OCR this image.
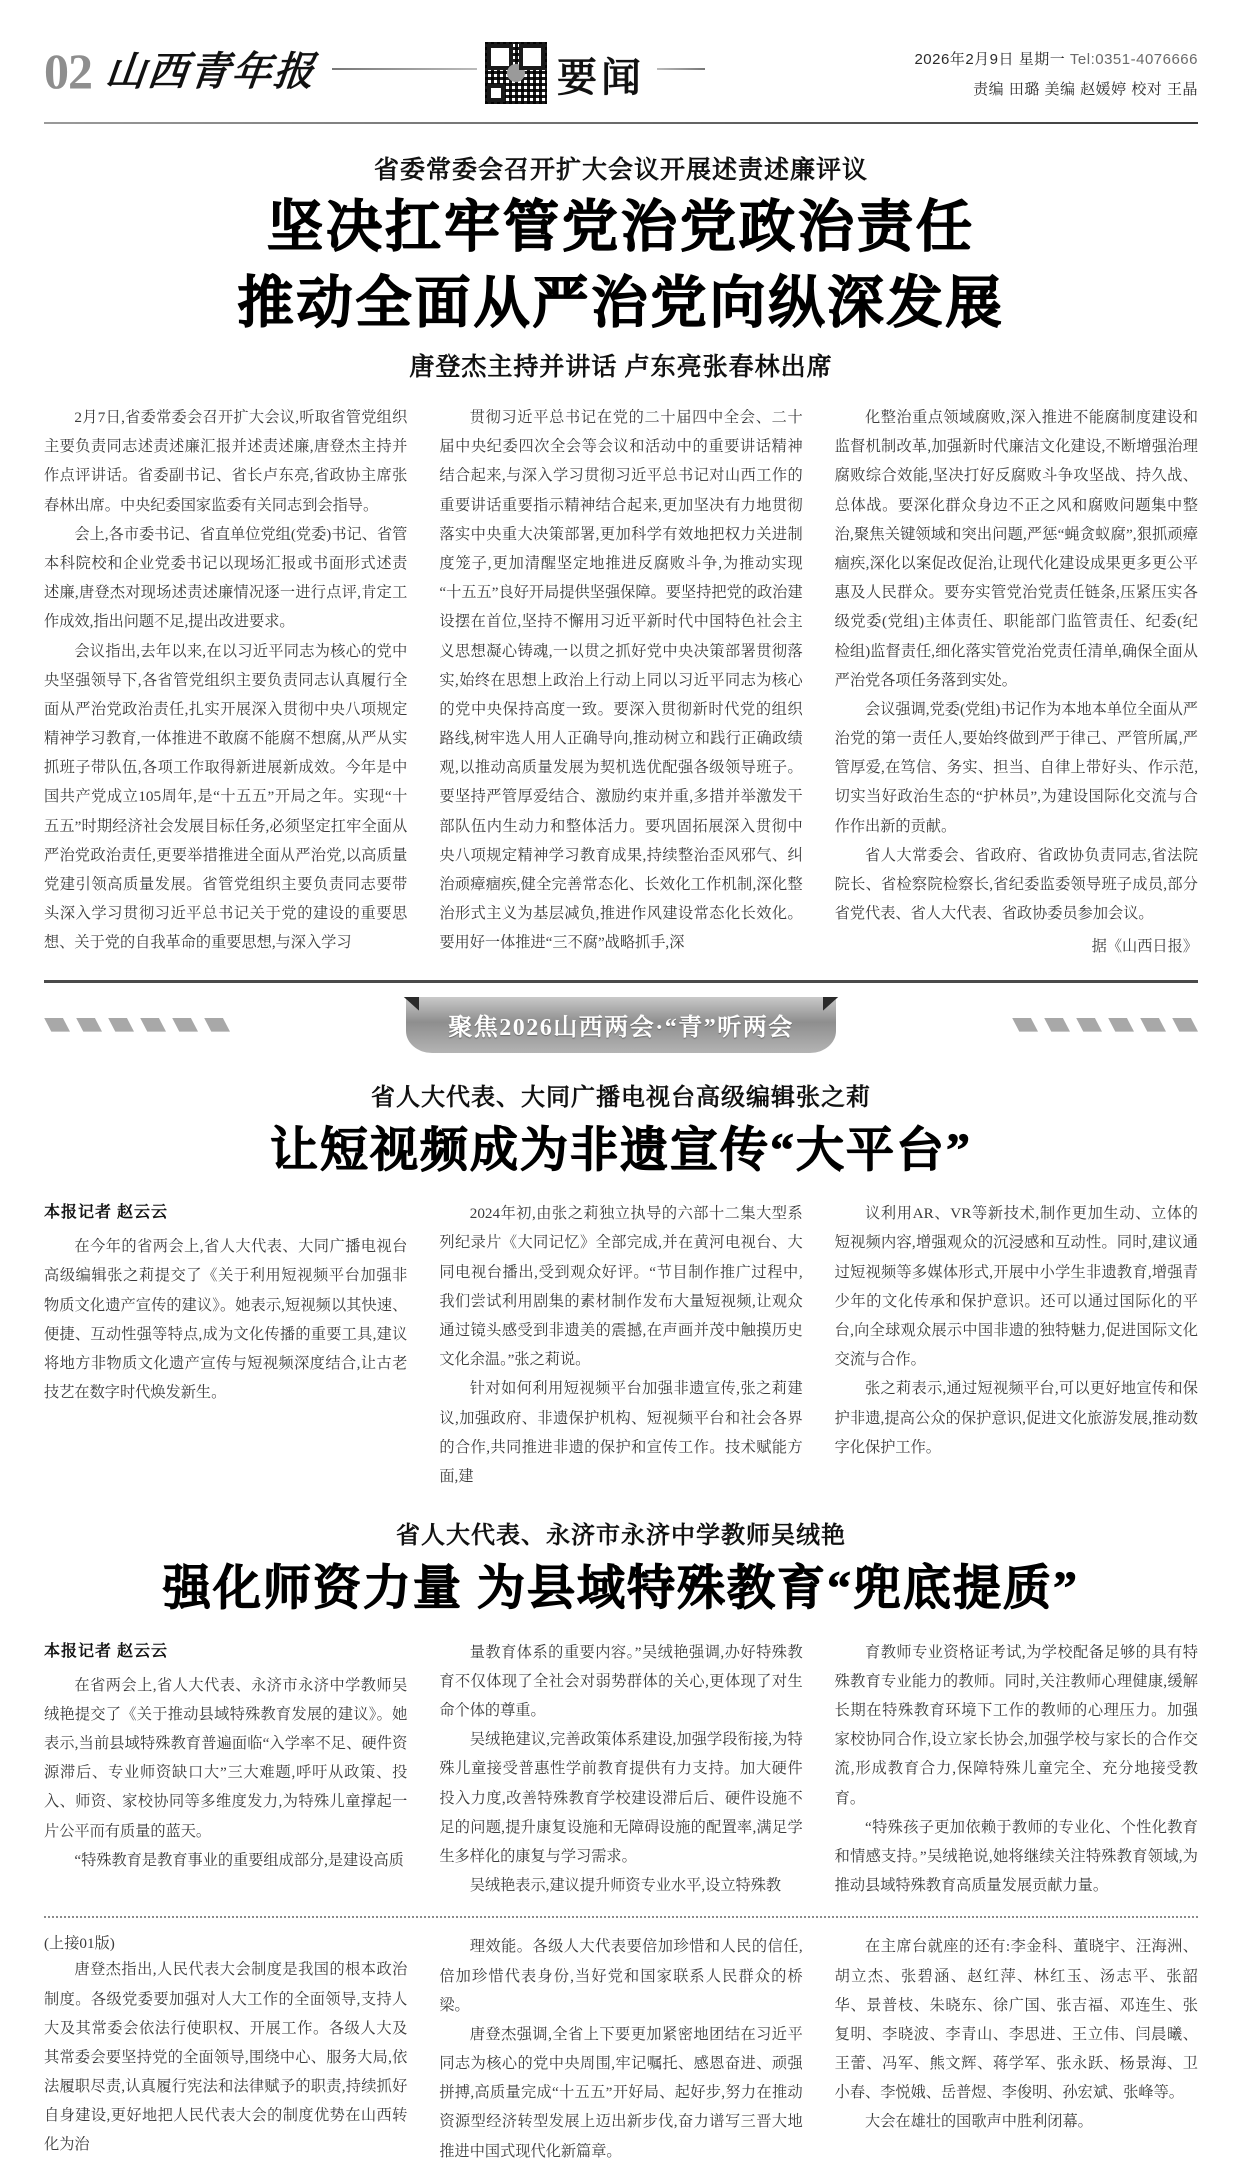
02 山西青年报	要闻	2026年2月9日 星期一 Tel:0351-4076666
责编 田璐 美编 赵媛婷 校对 王晶
省委常委会召开扩大会议开展述责述廉评议
坚决扛牢管党治党政治责任
推动全面从严治党向纵深发展
唐登杰主持并讲话 卢东亮张春林出席

2月7日,省委常委会召开扩大会议,听取省管党组织主要负责同志述责述廉汇报并述责述廉,唐登杰主持并作点评讲话。省委副书记、省长卢东亮,省政协主席张春林出席。中央纪委国家监委有关同志到会指导。

会上,各市委书记、省直单位党组(党委)书记、省管本科院校和企业党委书记以现场汇报或书面形式述责述廉,唐登杰对现场述责述廉情况逐一进行点评,肯定工作成效,指出问题不足,提出改进要求。

会议指出,去年以来,在以习近平同志为核心的党中央坚强领导下,各省管党组织主要负责同志认真履行全面从严治党政治责任,扎实开展深入贯彻中央八项规定精神学习教育,一体推进不敢腐不能腐不想腐,从严从实抓班子带队伍,各项工作取得新进展新成效。今年是中国共产党成立105周年,是“十五五”开局之年。实现“十五五”时期经济社会发展目标任务,必须坚定扛牢全面从严治党政治责任,更要举措推进全面从严治党,以高质量党建引领高质量发展。省管党组织主要负责同志要带头深入学习贯彻习近平总书记关于党的建设的重要思想、关于党的自我革命的重要思想,与深入学习

贯彻习近平总书记在党的二十届四中全会、二十届中央纪委四次全会等会议和活动中的重要讲话精神结合起来,与深入学习贯彻习近平总书记对山西工作的重要讲话重要指示精神结合起来,更加坚决有力地贯彻落实中央重大决策部署,更加科学有效地把权力关进制度笼子,更加清醒坚定地推进反腐败斗争,为推动实现“十五五”良好开局提供坚强保障。要坚持把党的政治建设摆在首位,坚持不懈用习近平新时代中国特色社会主义思想凝心铸魂,一以贯之抓好党中央决策部署贯彻落实,始终在思想上政治上行动上同以习近平同志为核心的党中央保持高度一致。要深入贯彻新时代党的组织路线,树牢选人用人正确导向,推动树立和践行正确政绩观,以推动高质量发展为契机选优配强各级领导班子。要坚持严管厚爱结合、激励约束并重,多措并举激发干部队伍内生动力和整体活力。要巩固拓展深入贯彻中央八项规定精神学习教育成果,持续整治歪风邪气、纠治顽瘴痼疾,健全完善常态化、长效化工作机制,深化整治形式主义为基层减负,推进作风建设常态化长效化。要用好一体推进“三不腐”战略抓手,深

化整治重点领域腐败,深入推进不能腐制度建设和监督机制改革,加强新时代廉洁文化建设,不断增强治理腐败综合效能,坚决打好反腐败斗争攻坚战、持久战、总体战。要深化群众身边不正之风和腐败问题集中整治,聚焦关键领域和突出问题,严惩“蝇贪蚁腐”,狠抓顽瘴痼疾,深化以案促改促治,让现代化建设成果更多更公平惠及人民群众。要夯实管党治党责任链条,压紧压实各级党委(党组)主体责任、职能部门监管责任、纪委(纪检组)监督责任,细化落实管党治党责任清单,确保全面从严治党各项任务落到实处。

会议强调,党委(党组)书记作为本地本单位全面从严治党的第一责任人,要始终做到严于律己、严管所属,严管厚爱,在笃信、务实、担当、自律上带好头、作示范,切实当好政治生态的“护林员”,为建设国际化交流与合作作出新的贡献。

省人大常委会、省政府、省政协负责同志,省法院院长、省检察院检察长,省纪委监委领导班子成员,部分省党代表、省人大代表、省政协委员参加会议。

据《山西日报》
聚焦2026山西两会·“青”听两会
省人大代表、大同广播电视台高级编辑张之莉
让短视频成为非遗宣传“大平台”
本报记者 赵云云

在今年的省两会上,省人大代表、大同广播电视台高级编辑张之莉提交了《关于利用短视频平台加强非物质文化遗产宣传的建议》。她表示,短视频以其快速、便捷、互动性强等特点,成为文化传播的重要工具,建议将地方非物质文化遗产宣传与短视频深度结合,让古老技艺在数字时代焕发新生。

2024年初,由张之莉独立执导的六部十二集大型系列纪录片《大同记忆》全部完成,并在黄河电视台、大同电视台播出,受到观众好评。“节目制作推广过程中,我们尝试利用剧集的素材制作发布大量短视频,让观众通过镜头感受到非遗美的震撼,在声画并茂中触摸历史文化余温。”张之莉说。

针对如何利用短视频平台加强非遗宣传,张之莉建议,加强政府、非遗保护机构、短视频平台和社会各界的合作,共同推进非遗的保护和宣传工作。技术赋能方面,建

议利用AR、VR等新技术,制作更加生动、立体的短视频内容,增强观众的沉浸感和互动性。同时,建议通过短视频等多媒体形式,开展中小学生非遗教育,增强青少年的文化传承和保护意识。还可以通过国际化的平台,向全球观众展示中国非遗的独特魅力,促进国际文化交流与合作。

张之莉表示,通过短视频平台,可以更好地宣传和保护非遗,提高公众的保护意识,促进文化旅游发展,推动数字化保护工作。

省人大代表、永济市永济中学教师吴绒艳
强化师资力量 为县域特殊教育“兜底提质”
本报记者 赵云云

在省两会上,省人大代表、永济市永济中学教师吴绒艳提交了《关于推动县域特殊教育发展的建议》。她表示,当前县域特殊教育普遍面临“入学率不足、硬件资源滞后、专业师资缺口大”三大难题,呼吁从政策、投入、师资、家校协同等多维度发力,为特殊儿童撑起一片公平而有质量的蓝天。

“特殊教育是教育事业的重要组成部分,是建设高质

量教育体系的重要内容。”吴绒艳强调,办好特殊教育不仅体现了全社会对弱势群体的关心,更体现了对生命个体的尊重。

吴绒艳建议,完善政策体系建设,加强学段衔接,为特殊儿童接受普惠性学前教育提供有力支持。加大硬件投入力度,改善特殊教育学校建设滞后后、硬件设施不足的问题,提升康复设施和无障碍设施的配置率,满足学生多样化的康复与学习需求。

吴绒艳表示,建议提升师资专业水平,设立特殊教

育教师专业资格证考试,为学校配备足够的具有特殊教育专业能力的教师。同时,关注教师心理健康,缓解长期在特殊教育环境下工作的教师的心理压力。加强家校协同合作,设立家长协会,加强学校与家长的合作交流,形成教育合力,保障特殊儿童完全、充分地接受教育。

“特殊孩子更加依赖于教师的专业化、个性化教育和情感支持。”吴绒艳说,她将继续关注特殊教育领域,为推动县域特殊教育高质量发展贡献力量。

(上接01版)

唐登杰指出,人民代表大会制度是我国的根本政治制度。各级党委要加强对人大工作的全面领导,支持人大及其常委会依法行使职权、开展工作。各级人大及其常委会要坚持党的全面领导,围绕中心、服务大局,依法履职尽责,认真履行宪法和法律赋予的职责,持续抓好自身建设,更好地把人民代表大会的制度优势在山西转化为治

理效能。各级人大代表要倍加珍惜和人民的信任,倍加珍惜代表身份,当好党和国家联系人民群众的桥梁。

唐登杰强调,全省上下要更加紧密地团结在习近平同志为核心的党中央周围,牢记嘱托、感恩奋进、顽强拼搏,高质量完成“十五五”开好局、起好步,努力在推动资源型经济转型发展上迈出新步伐,奋力谱写三晋大地推进中国式现代化新篇章。

在主席台就座的还有:李金科、董晓宇、汪海洲、胡立杰、张碧涵、赵红萍、林红玉、汤志平、张韶华、景普枝、朱晓东、徐广国、张吉福、邓连生、张复明、李晓波、李青山、李思进、王立伟、闫晨曦、王蕾、冯军、熊文辉、蒋学军、张永跃、杨景海、卫小春、李悦娥、岳普煜、李俊明、孙宏斌、张峰等。

大会在雄壮的国歌声中胜利闭幕。
